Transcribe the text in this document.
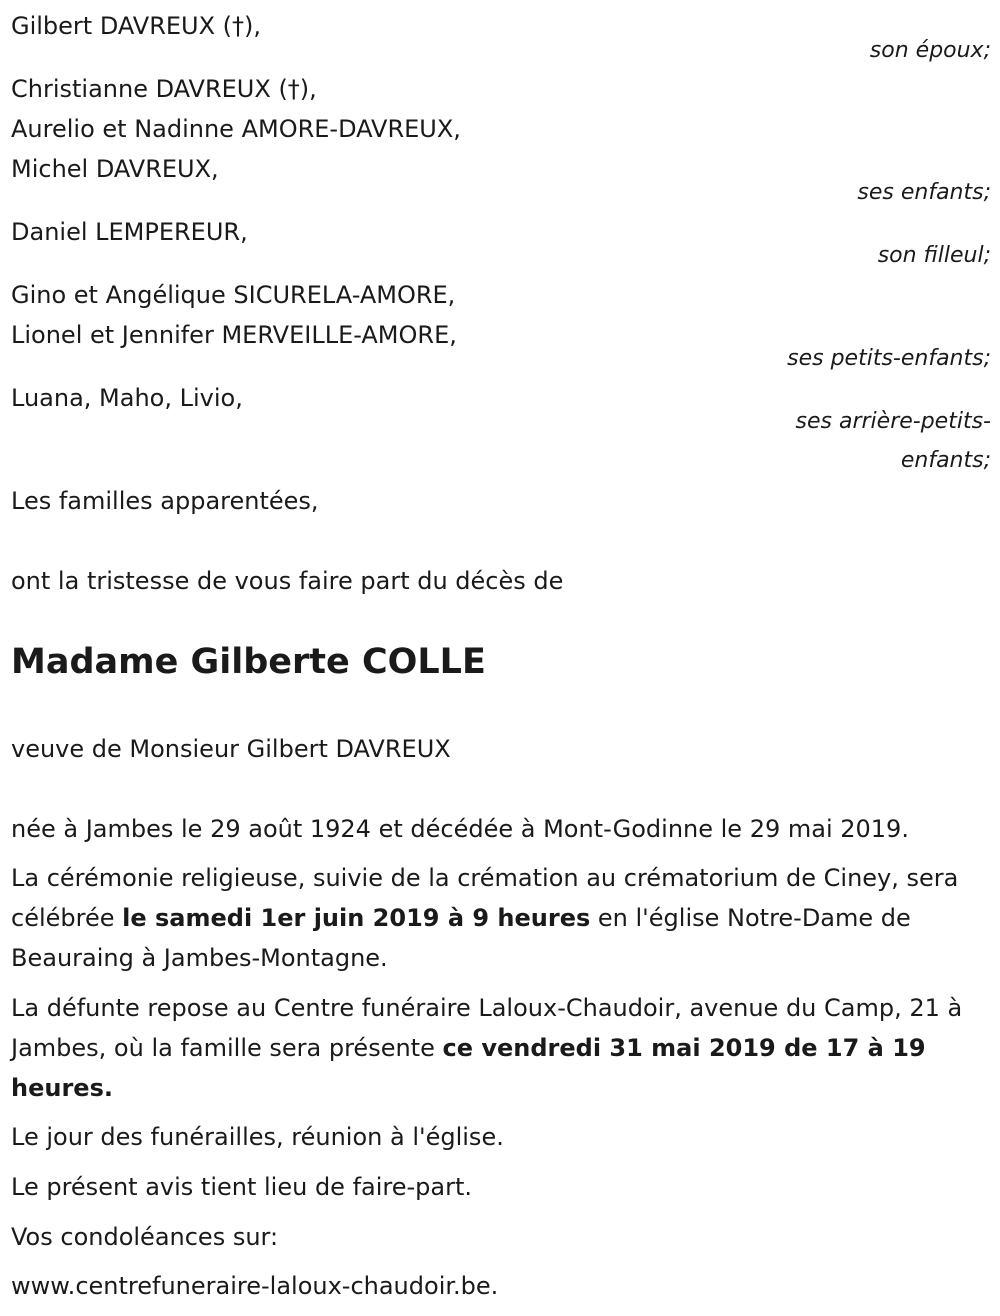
Gilbert DAVREUX (†),
son époux;
Christianne DAVREUX (†),
Aurelio et Nadinne AMORE-DAVREUX,
Michel DAVREUX,
ses enfants;
Daniel LEMPEREUR,
son filleul;
Gino et Angélique SICURELA-AMORE,
Lionel et Jennifer MERVEILLE-AMORE,
ses petits-enfants;
Luana, Maho, Livio,
ses arrière-petits-
enfants;
Les familles apparentées,
ont la tristesse de vous faire part du décès de
Madame Gilberte COLLE
veuve de Monsieur Gilbert DAVREUX
née à Jambes le 29 août 1924 et décédée à Mont-Godinne le 29 mai 2019.
La cérémonie religieuse, suivie de la crémation au crématorium de Ciney, sera célébrée le samedi 1er juin 2019 à 9 heures en l'église Notre-Dame de Beauraing à Jambes-Montagne.
La défunte repose au Centre funéraire Laloux-Chaudoir, avenue du Camp, 21 à Jambes, où la famille sera présente ce vendredi 31 mai 2019 de 17 à 19 heures.
Le jour des funérailles, réunion à l'église.
Le présent avis tient lieu de faire-part.
Vos condoléances sur:
www.centrefuneraire-laloux-chaudoir.be.
